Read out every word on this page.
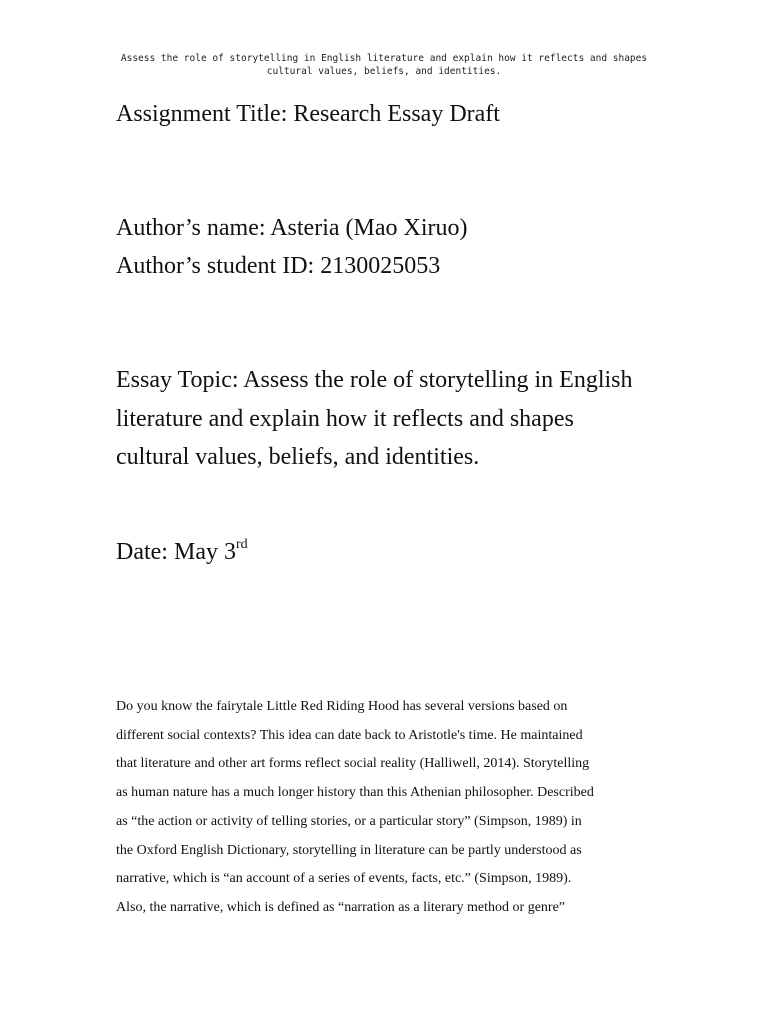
Assess the role of storytelling in English literature and explain how it reflects and shapes cultural values, beliefs, and identities.
Assignment Title: Research Essay Draft
Author’s name: Asteria (Mao Xiruo)
Author’s student ID: 2130025053
Essay Topic: Assess the role of storytelling in English literature and explain how it reflects and shapes cultural values, beliefs, and identities.
Date: May 3rd
Do you know the fairytale Little Red Riding Hood has several versions based on
different social contexts? This idea can date back to Aristotle's time. He maintained
that literature and other art forms reflect social reality (Halliwell, 2014). Storytelling
as human nature has a much longer history than this Athenian philosopher. Described
as “the action or activity of telling stories, or a particular story” (Simpson, 1989) in
the Oxford English Dictionary, storytelling in literature can be partly understood as
narrative, which is “an account of a series of events, facts, etc.” (Simpson, 1989).
Also, the narrative, which is defined as “narration as a literary method or genre”
